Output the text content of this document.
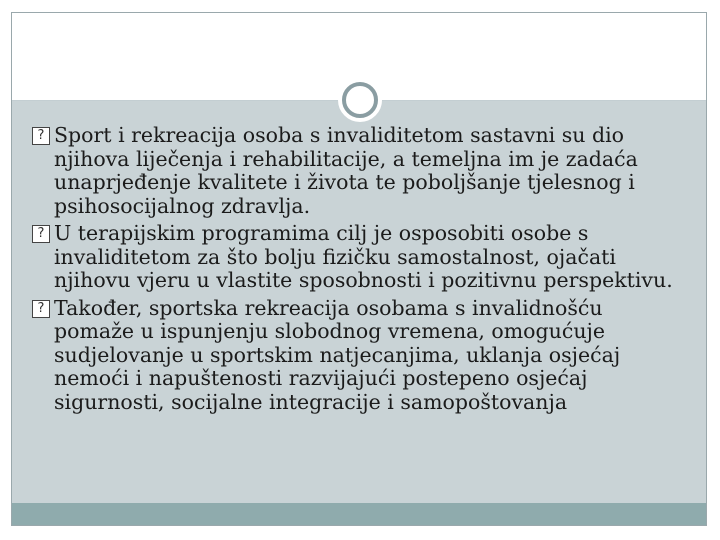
? Sport i rekreacija osoba s invaliditetom sastavni su dio njihova liječenja i rehabilitacije, a temeljna im je zadaća unaprjeđenje kvalitete i života te poboljšanje tjelesnog i psihosocijalnog zdravlja.
? U terapijskim programima cilj je osposobiti osobe s invaliditetom za što bolju fizičku samostalnost, ojačati njihovu vjeru u vlastite sposobnosti i pozitivnu perspektivu.
? Također, sportska rekreacija osobama s invalidnošću pomaže u ispunjenju slobodnog vremena, omogućuje sudjelovanje u sportskim natjecanjima, uklanja osjećaj nemoći i napuštenosti razvijajući postepeno osjećaj sigurnosti, socijalne integracije i samopoštovanja
